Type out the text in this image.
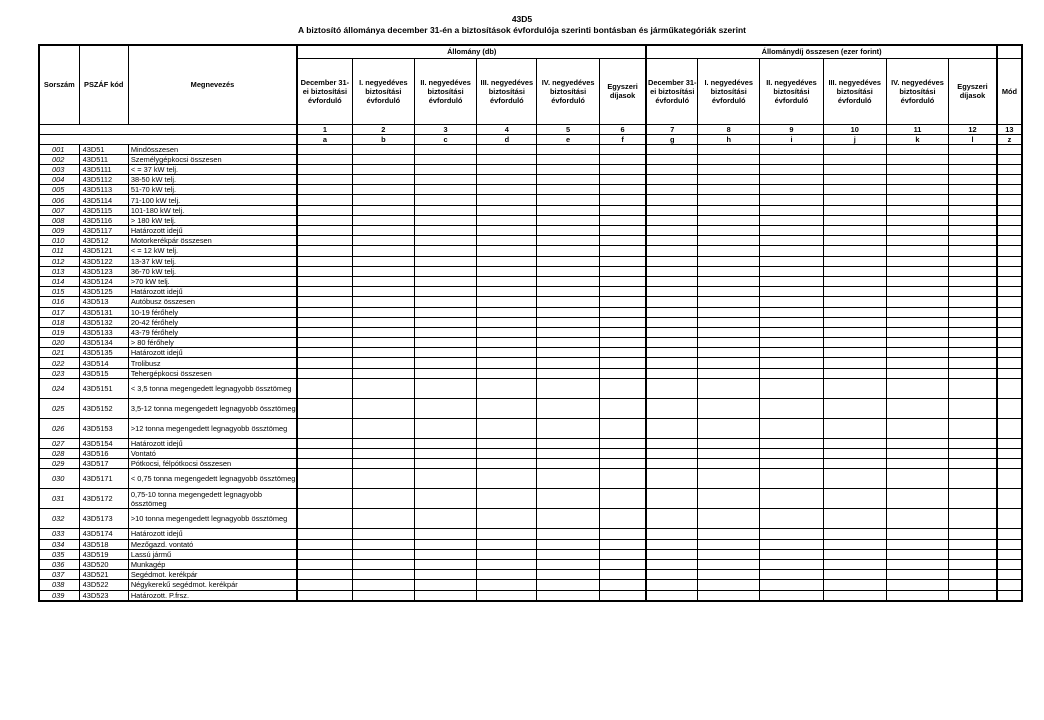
43D5
A biztosító állománya december 31-én a biztosítások évfordulója szerinti bontásban és járműkategóriák szerint
Sorszám	PSZÁF kód	Megnevezés	Állomány (db)						Állománydíj összesen (ezer forint)						
			December 31-ei biztosítási évforduló	I. negyedéves biztosítási évforduló	II. negyedéves biztosítási évforduló	III. negyedéves biztosítási évforduló	IV. negyedéves biztosítási évforduló	Egyszeri díjasok	December 31-ei biztosítási évforduló	I. negyedéves biztosítási évforduló	II. negyedéves biztosítási évforduló	III. negyedéves biztosítási évforduló	IV. negyedéves biztosítási évforduló	Egyszeri díjasok	Mód
			1	2	3	4	5	6	7	8	9	10	11	12	13
			a	b	c	d	e	f	g	h	i	j	k	l	z
001	43D51	Mindösszesen													
002	43D511	Személygépkocsi összesen													
003	43D5111	< = 37 kW telj.													
004	43D5112	38-50 kW telj.													
005	43D5113	51-70 kW telj.													
006	43D5114	71-100 kW telj.													
007	43D5115	101-180 kW telj.													
008	43D5116	> 180 kW telj.													
009	43D5117	Határozott idejű													
010	43D512	Motorkerékpár összesen													
011	43D5121	< = 12 kW telj.													
012	43D5122	13-37 kW telj.													
013	43D5123	36-70 kW telj.													
014	43D5124	>70 kW telj.													
015	43D5125	Határozott idejű													
016	43D513	Autóbusz összesen													
017	43D5131	10-19 férőhely													
018	43D5132	20-42 férőhely													
019	43D5133	43-79 férőhely													
020	43D5134	> 80 férőhely													
021	43D5135	Határozott idejű													
022	43D514	Trolibusz													
023	43D515	Tehergépkocsi összesen													
024	43D5151	< 3,5 tonna megengedett legnagyobb össztömeg													
025	43D5152	3,5-12 tonna megengedett legnagyobb össztömeg													
026	43D5153	>12 tonna megengedett legnagyobb össztömeg													
027	43D5154	Határozott idejű													
028	43D516	Vontató													
029	43D517	Pótkocsi, félpótkocsi összesen													
030	43D5171	< 0,75 tonna megengedett legnagyobb össztömeg													
031	43D5172	0,75-10 tonna megengedett legnagyobb össztömeg													
032	43D5173	>10 tonna megengedett legnagyobb össztömeg													
033	43D5174	Határozott idejű													
034	43D518	Mezőgazd. vontató													
035	43D519	Lassú jármű													
036	43D520	Munkagép													
037	43D521	Segédmot. kerékpár													
038	43D522	Négykerekű segédmot. kerékpár													
039	43D523	Határozott. P.frsz.													
